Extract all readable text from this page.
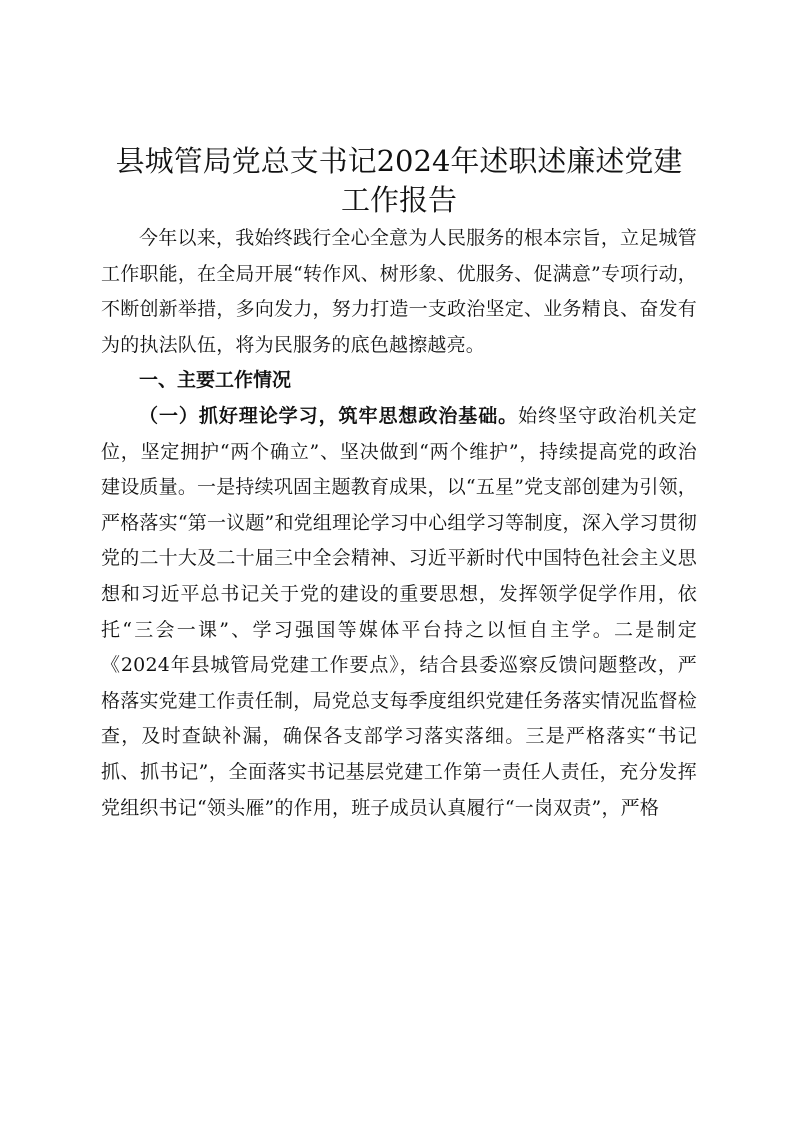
县城管局党总支书记2024年述职述廉述党建
工作报告

今年以来，我始终践行全心全意为人民服务的根本宗旨，立足城管工作职能，在全局开展“转作风、树形象、优服务、促满意”专项行动，不断创新举措，多向发力，努力打造一支政治坚定、业务精良、奋发有为的执法队伍，将为民服务的底色越擦越亮。

一、主要工作情况

（一）抓好理论学习，筑牢思想政治基础。始终坚守政治机关定位，坚定拥护“两个确立”、坚决做到“两个维护”，持续提高党的政治建设质量。一是持续巩固主题教育成果，以“五星”党支部创建为引领，严格落实“第一议题”和党组理论学习中心组学习等制度，深入学习贯彻党的二十大及二十届三中全会精神、习近平新时代中国特色社会主义思想和习近平总书记关于党的建设的重要思想，发挥领学促学作用，依托“三会一课”、学习强国等媒体平台持之以恒自主学。二是制定《2024年县城管局党建工作要点》，结合县委巡察反馈问题整改，严格落实党建工作责任制，局党总支每季度组织党建任务落实情况监督检查，及时查缺补漏，确保各支部学习落实落细。三是严格落实“书记抓、抓书记”，全面落实书记基层党建工作第一责任人责任，充分发挥党组织书记“领头雁”的作用，班子成员认真履行“一岗双责”，严格
